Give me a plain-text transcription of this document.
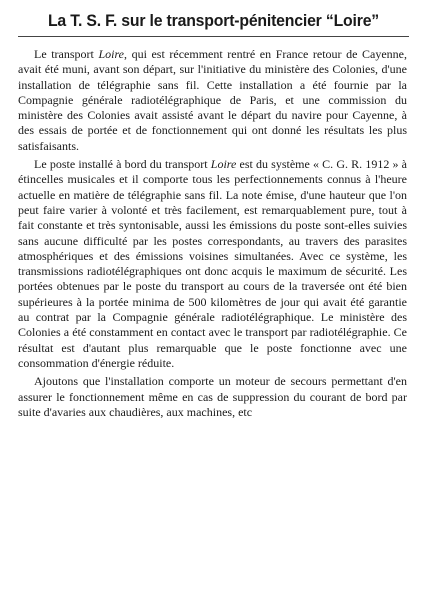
La T. S. F. sur le transport-pénitencier “Loire”

Le transport Loire, qui est récemment rentré en France retour de Cayenne, avait été muni, avant son départ, sur l'initiative du ministère des Colonies, d'une installation de télégraphie sans fil. Cette installation a été fournie par la Compagnie générale radiotélégraphique de Paris, et une commission du ministère des Colonies avait assisté avant le départ du navire pour Cayenne, à des essais de portée et de fonctionnement qui ont donné les résultats les plus satisfaisants.

Le poste installé à bord du transport Loire est du système « C. G. R. 1912 » à étincelles musicales et il comporte tous les perfectionnements connus à l'heure actuelle en matière de télégraphie sans fil. La note émise, d'une hauteur que l'on peut faire varier à volonté et très facilement, est remarquablement pure, tout à fait constante et très syntonisable, aussi les émissions du poste sont-elles suivies sans aucune difficulté par les postes correspondants, au travers des parasites atmosphériques et des émissions voisines simultanées. Avec ce système, les transmissions radiotélégraphiques ont donc acquis le maximum de sécurité. Les portées obtenues par le poste du transport au cours de la traversée ont été bien supérieures à la portée minima de 500 kilomètres de jour qui avait été garantie au contrat par la Compagnie générale radiotélégraphique. Le ministère des Colonies a été constamment en contact avec le transport par radiotélégraphie. Ce résultat est d'autant plus remarquable que le poste fonctionne avec une consommation d'énergie réduite.

Ajoutons que l'installation comporte un moteur de secours permettant d'en assurer le fonctionnement même en cas de suppression du courant de bord par suite d'avaries aux chaudières, aux machines, etc
